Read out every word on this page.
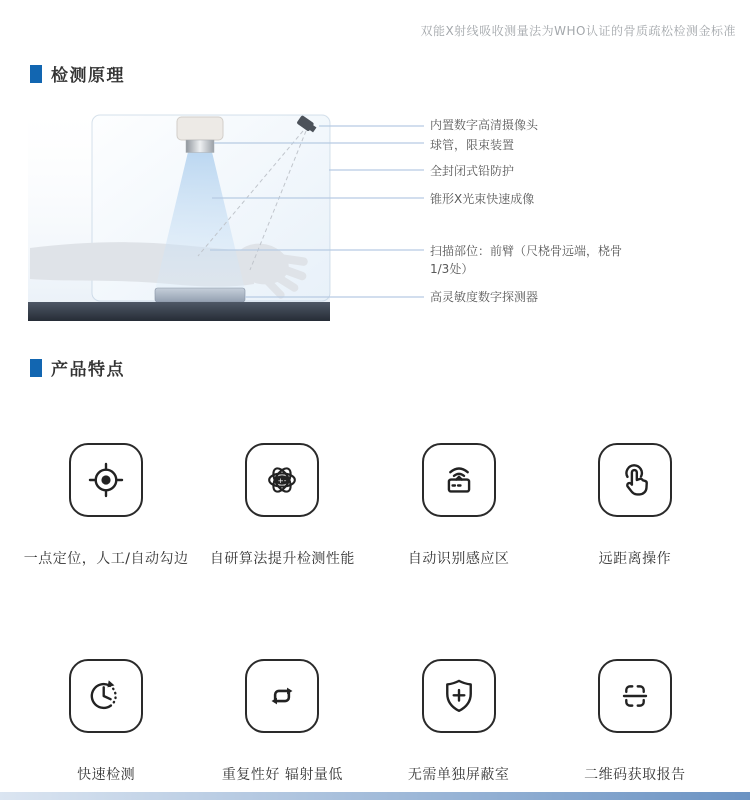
双能X射线吸收测量法为WHO认证的骨质疏松检测金标准
检测原理
内置数字高清摄像头
球管，限束装置
全封闭式铅防护
锥形X光束快速成像
扫描部位：前臂（尺桡骨远端，桡骨1/3处）
高灵敏度数字探测器
产品特点
一点定位，人工/自动勾边
+-
自研算法提升检测性能	自动识别感应区	远距离操作
快速检测	重复性好 辐射量低	无需单独屏蔽室	二维码获取报告
